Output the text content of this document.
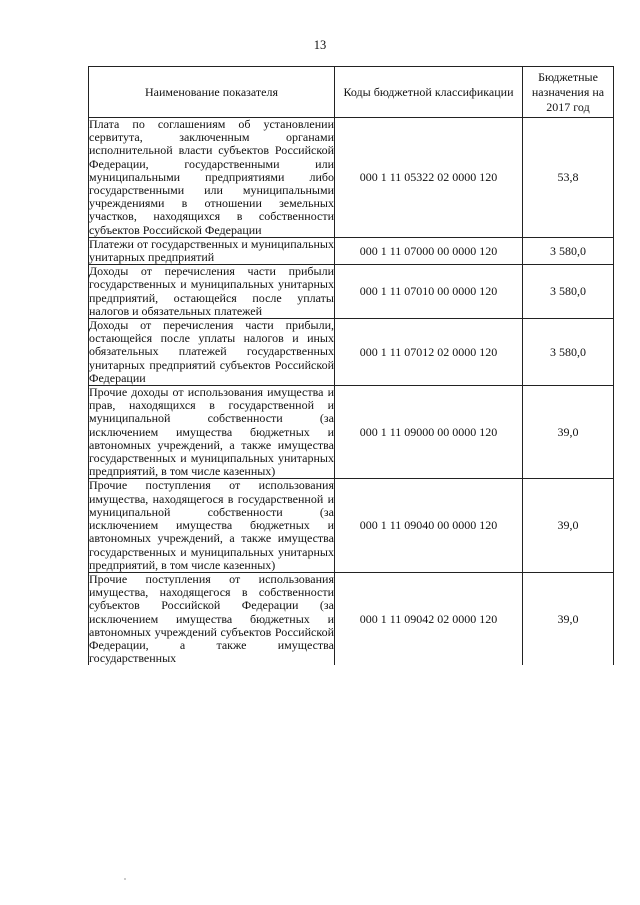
13
Наименование показателя	Коды бюджетной классификации	Бюджетные назначения на 2017 год
Плата по соглашениям об установлении сервитута, заключенным органами исполнительной власти субъектов Российской Федерации, государственными или муниципальными предприятиями либо государственными или муниципальными учреждениями в отношении земельных участков, находящихся в собственности субъектов Российской Федерации	000 1 11 05322 02 0000 120	53,8
Платежи от государственных и муниципальных унитарных предприятий	000 1 11 07000 00 0000 120	3 580,0
Доходы от перечисления части прибыли государственных и муниципальных унитарных предприятий, остающейся после уплаты налогов и обязательных платежей	000 1 11 07010 00 0000 120	3 580,0
Доходы от перечисления части прибыли, остающейся после уплаты налогов и иных обязательных платежей государственных унитарных предприятий субъектов Российской Федерации	000 1 11 07012 02 0000 120	3 580,0
Прочие доходы от использования имущества и прав, находящихся в государственной и муниципальной собственности (за исключением имущества бюджетных и автономных учреждений, а также имущества государственных и муниципальных унитарных предприятий, в том числе казенных)	000 1 11 09000 00 0000 120	39,0
Прочие поступления от использования имущества, находящегося в государственной и муниципальной собственности (за исключением имущества бюджетных и автономных учреждений, а также имущества государственных и муниципальных унитарных предприятий, в том числе казенных)	000 1 11 09040 00 0000 120	39,0
Прочие поступления от использования имущества, находящегося в собственности субъектов Российской Федерации (за исключением имущества бюджетных и автономных учреждений субъектов Российской Федерации, а также имущества государственных	000 1 11 09042 02 0000 120	39,0
